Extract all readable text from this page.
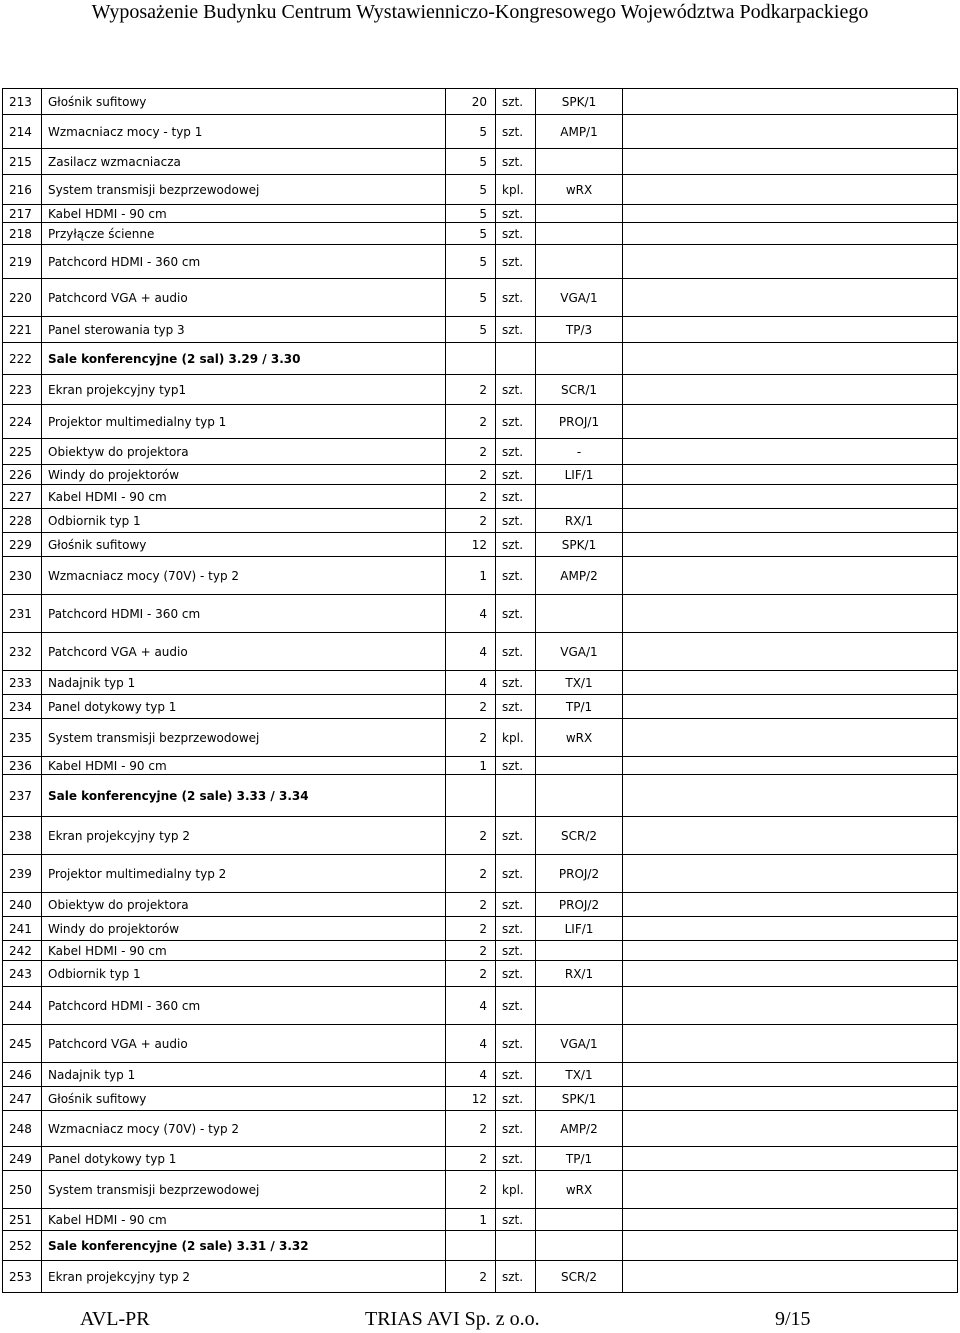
Wyposażenie Budynku Centrum Wystawienniczo-Kongresowego Województwa Podkarpackiego
213	Głośnik sufitowy	20	szt.	SPK/1	
214	Wzmacniacz mocy - typ 1	5	szt.	AMP/1	
215	Zasilacz wzmacniacza	5	szt.		
216	System transmisji bezprzewodowej	5	kpl.	wRX	
217	Kabel HDMI - 90 cm	5	szt.		
218	Przyłącze ścienne	5	szt.		
219	Patchcord HDMI - 360 cm	5	szt.		
220	Patchcord VGA + audio	5	szt.	VGA/1	
221	Panel sterowania typ 3	5	szt.	TP/3	
222	Sale konferencyjne (2 sal) 3.29 / 3.30				
223	Ekran projekcyjny typ1	2	szt.	SCR/1	
224	Projektor multimedialny typ 1	2	szt.	PROJ/1	
225	Obiektyw do projektora	2	szt.	-	
226	Windy do projektorów	2	szt.	LIF/1	
227	Kabel HDMI - 90 cm	2	szt.		
228	Odbiornik typ 1	2	szt.	RX/1	
229	Głośnik sufitowy	12	szt.	SPK/1	
230	Wzmacniacz mocy (70V) - typ 2	1	szt.	AMP/2	
231	Patchcord HDMI - 360 cm	4	szt.		
232	Patchcord VGA + audio	4	szt.	VGA/1	
233	Nadajnik typ 1	4	szt.	TX/1	
234	Panel dotykowy typ 1	2	szt.	TP/1	
235	System transmisji bezprzewodowej	2	kpl.	wRX	
236	Kabel HDMI - 90 cm	1	szt.		
237	Sale konferencyjne (2 sale) 3.33 / 3.34				
238	Ekran projekcyjny typ 2	2	szt.	SCR/2	
239	Projektor multimedialny typ 2	2	szt.	PROJ/2	
240	Obiektyw do projektora	2	szt.	PROJ/2	
241	Windy do projektorów	2	szt.	LIF/1	
242	Kabel HDMI - 90 cm	2	szt.		
243	Odbiornik typ 1	2	szt.	RX/1	
244	Patchcord HDMI - 360 cm	4	szt.		
245	Patchcord VGA + audio	4	szt.	VGA/1	
246	Nadajnik typ 1	4	szt.	TX/1	
247	Głośnik sufitowy	12	szt.	SPK/1	
248	Wzmacniacz mocy (70V) - typ 2	2	szt.	AMP/2	
249	Panel dotykowy typ 1	2	szt.	TP/1	
250	System transmisji bezprzewodowej	2	kpl.	wRX	
251	Kabel HDMI - 90 cm	1	szt.		
252	Sale konferencyjne (2 sale) 3.31 / 3.32				
253	Ekran projekcyjny typ 2	2	szt.	SCR/2	
AVL-PR	TRIAS AVI Sp. z o.o.	9/15
